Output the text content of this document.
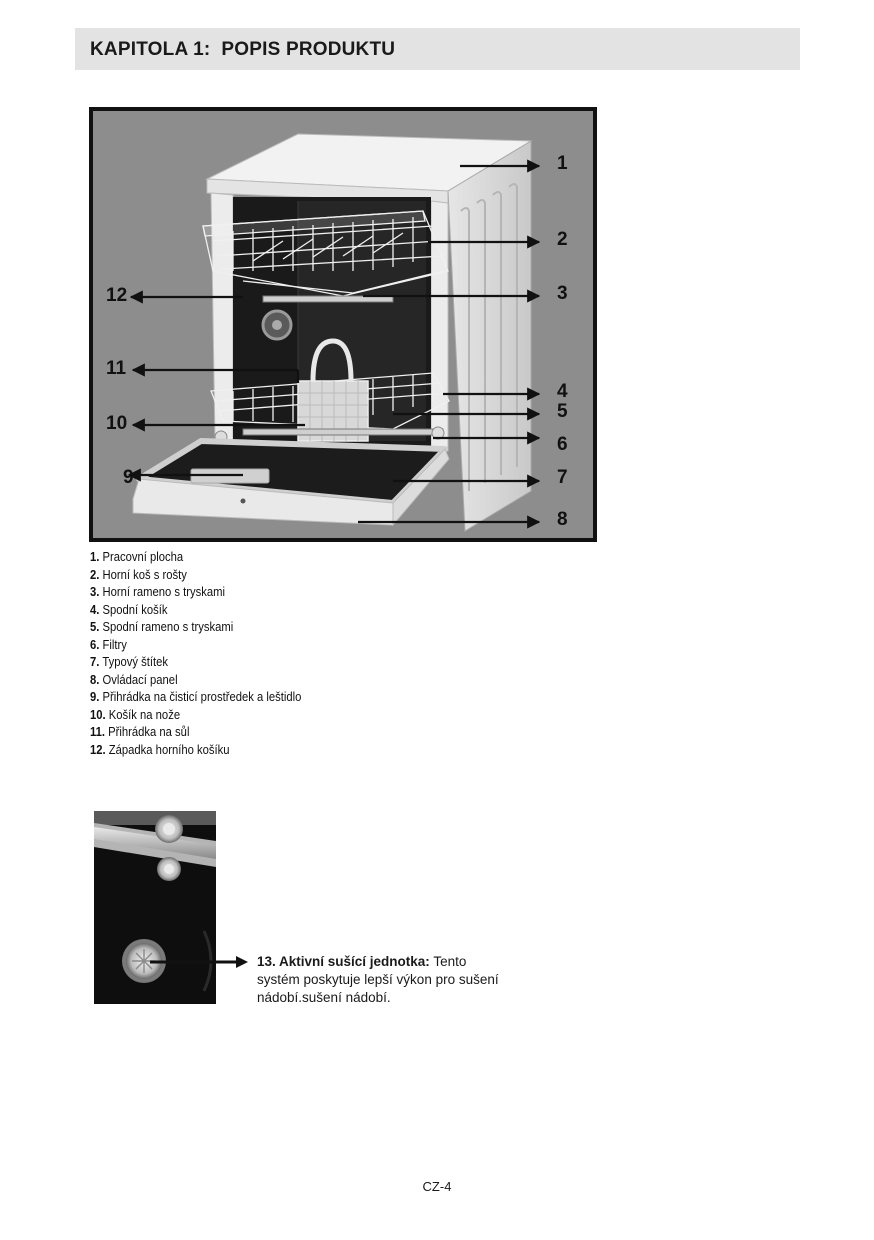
KAPITOLA 1:  POPIS PRODUKTU
1
2
3
4
5
6
7
8
9
10
11
12
1. Pracovní plocha
2. Horní koš s rošty
3. Horní rameno s tryskami
4. Spodní košík
5. Spodní rameno s tryskami
6. Filtry
7. Typový štítek
8. Ovládací panel
9. Přihrádka na čisticí prostředek a leštidlo
10. Košík na nože
11. Přihrádka na sůl
12. Západka horního košíku
13. Aktivní sušící jednotka: Tento systém poskytuje lepší výkon pro sušení nádobí.sušení nádobí.
CZ-4
